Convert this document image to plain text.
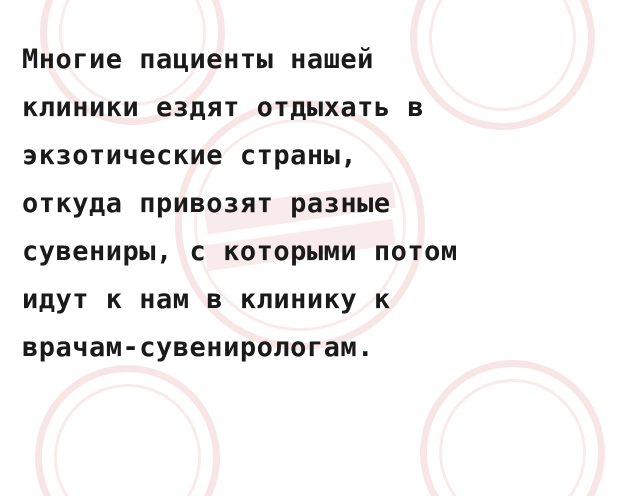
Многие пациенты нашей
клиники ездят отдыхать в
экзотические страны,
откуда привозят разные
сувениры, с которыми потом
идут к нам в клинику к
врачам-сувенирологам.
